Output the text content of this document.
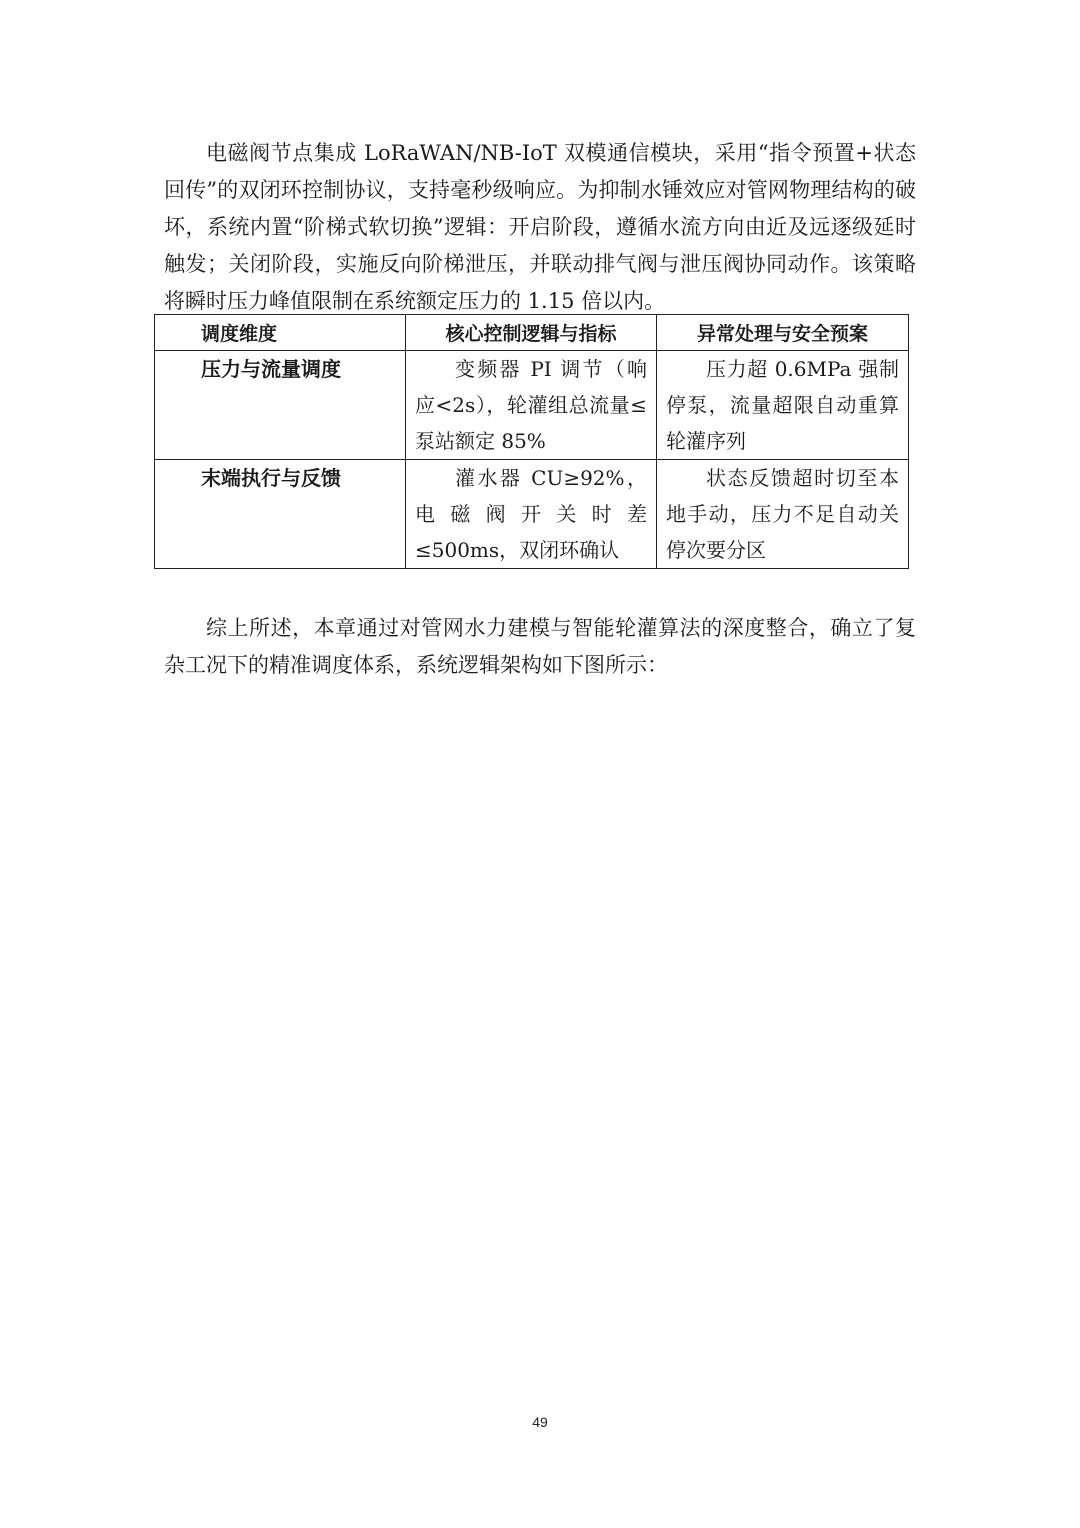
电磁阀节点集成 LoRaWAN/NB-IoT 双模通信模块，采用“指令预置+状态回传”的双闭环控制协议，支持毫秒级响应。为抑制水锤效应对管网物理结构的破坏，系统内置“阶梯式软切换”逻辑：开启阶段，遵循水流方向由近及远逐级延时触发；关闭阶段，实施反向阶梯泄压，并联动排气阀与泄压阀协同动作。该策略将瞬时压力峰值限制在系统额定压力的 1.15 倍以内。

调度维度	核心控制逻辑与指标	异常处理与安全预案
压力与流量调度	变频器 PI 调节（响应<2s），轮灌组总流量≤泵站额定 85%	压力超 0.6MPa 强制停泵，流量超限自动重算轮灌序列
末端执行与反馈	灌水器 CU≥92%，电磁阀开关时差≤500ms，双闭环确认	状态反馈超时切至本地手动，压力不足自动关停次要分区

综上所述，本章通过对管网水力建模与智能轮灌算法的深度整合，确立了复杂工况下的精准调度体系，系统逻辑架构如下图所示：

49
